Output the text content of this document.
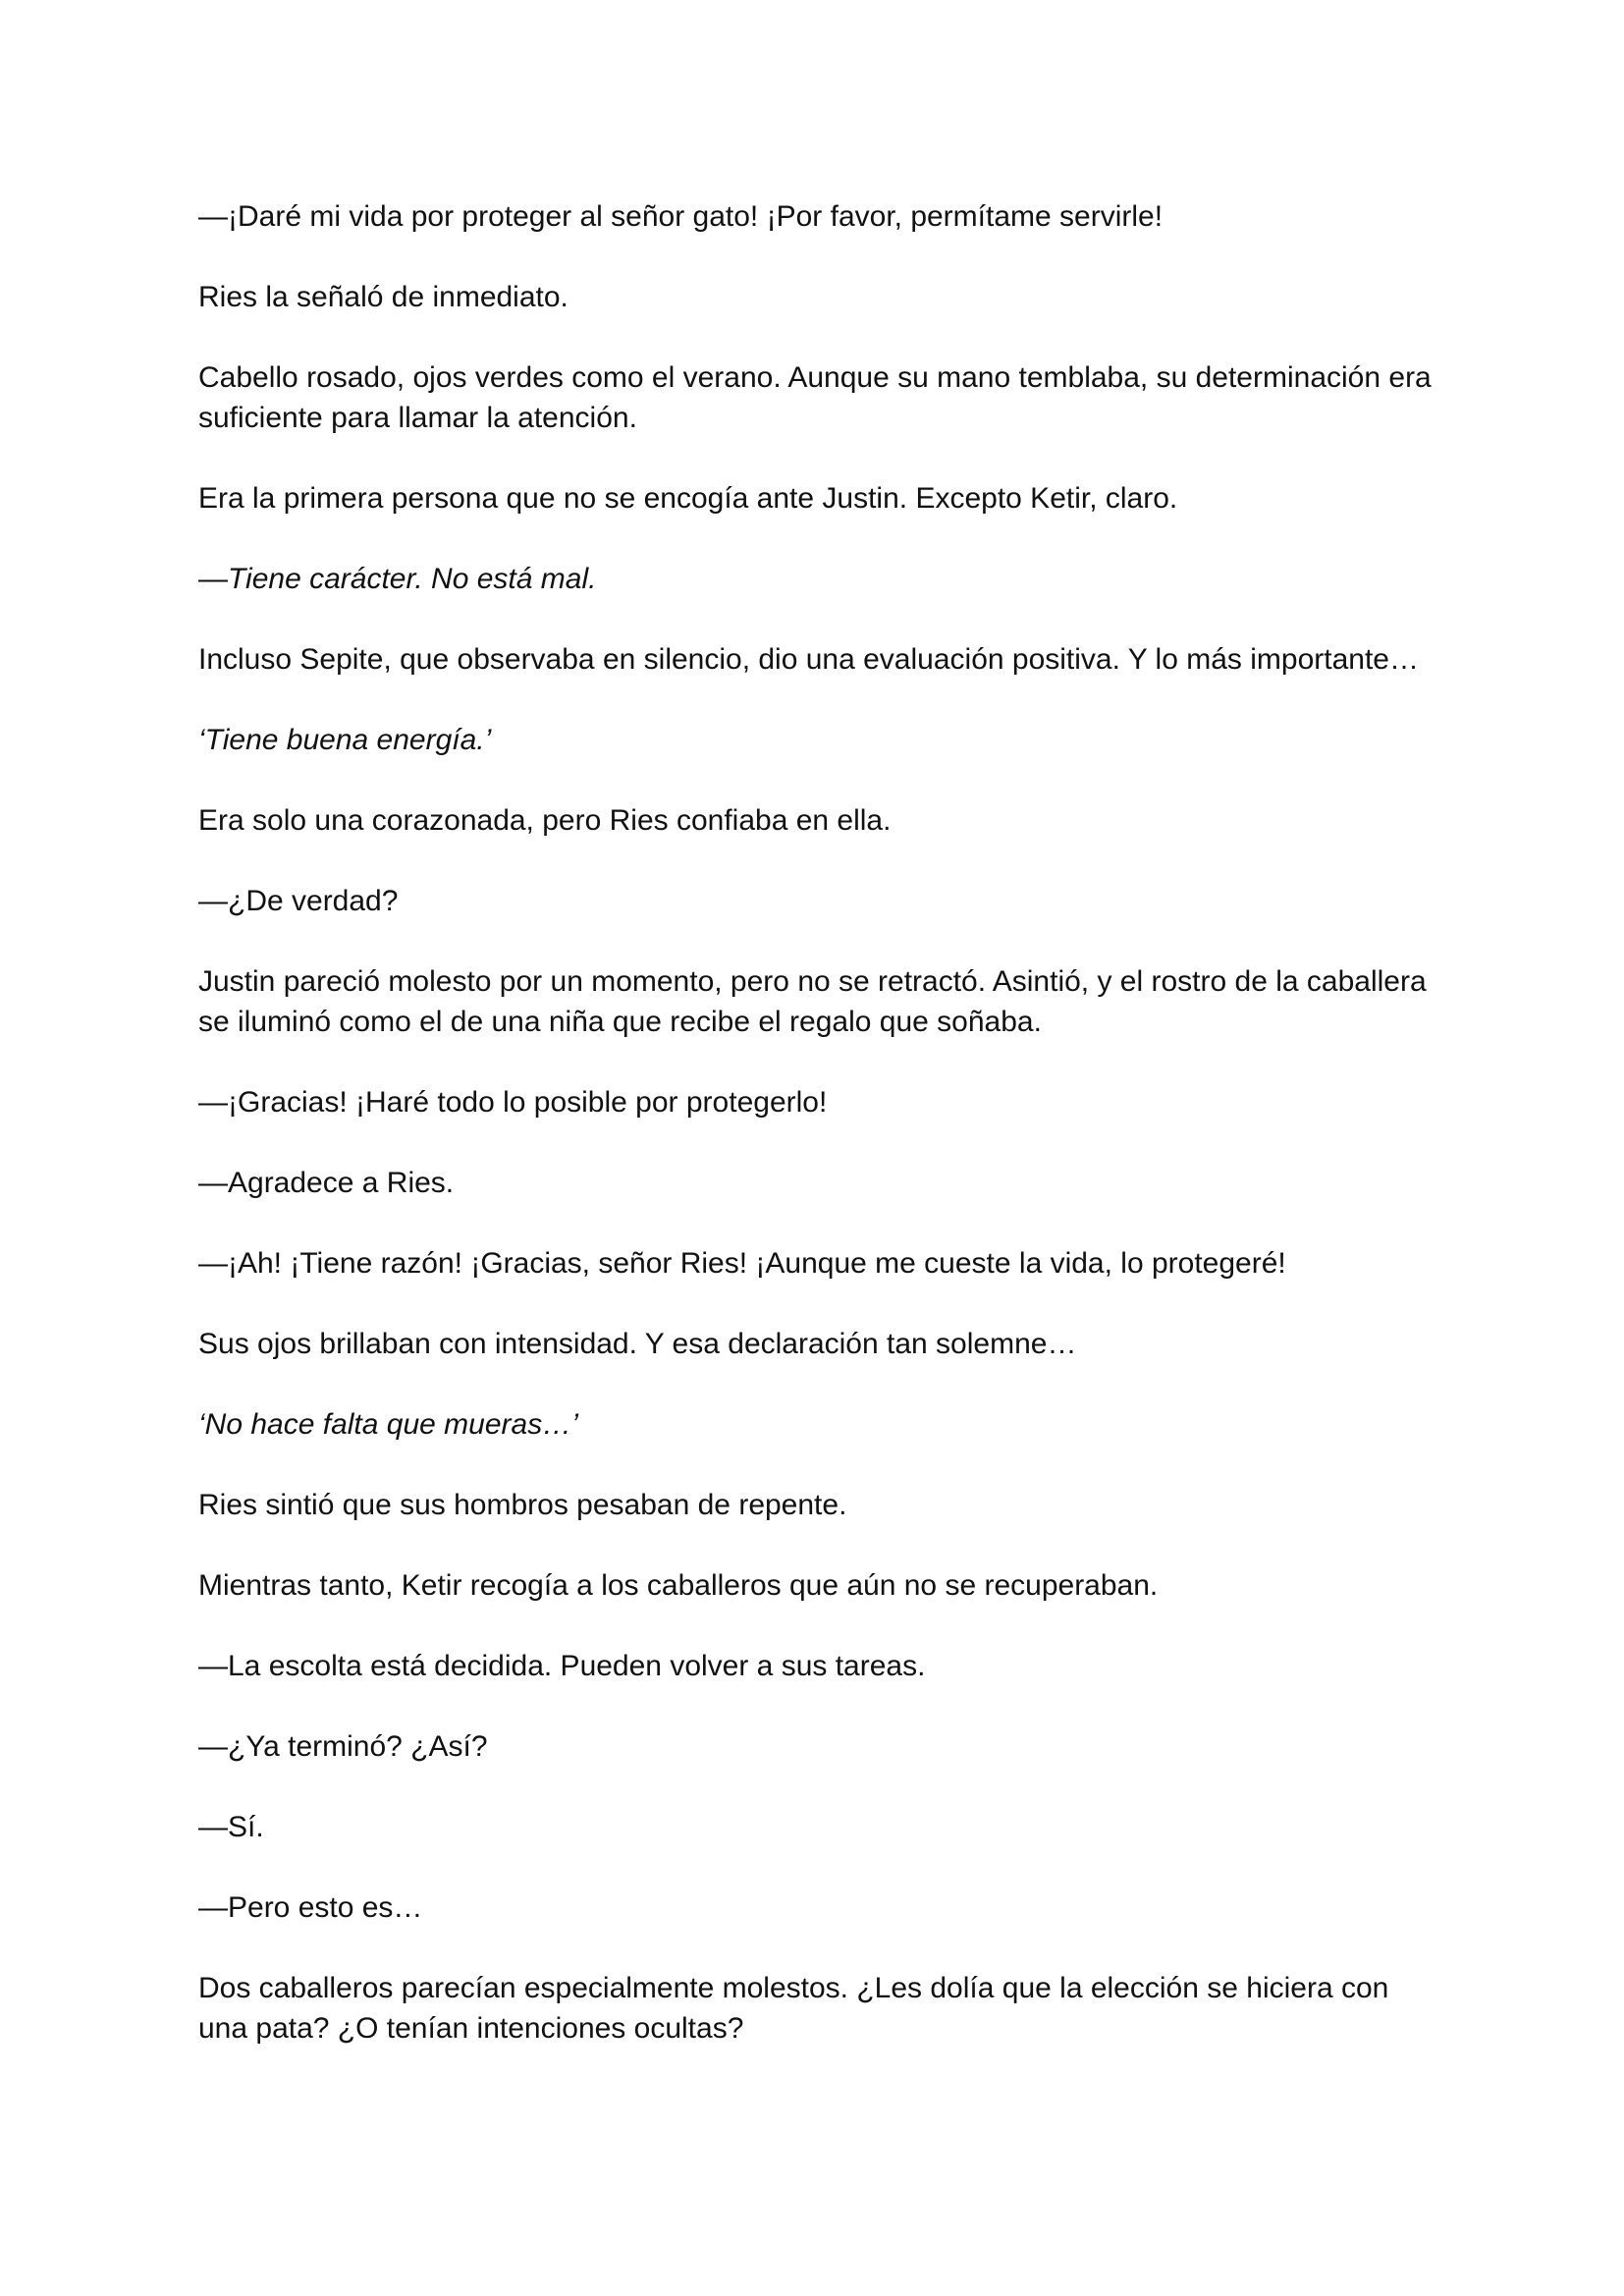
—¡Daré mi vida por proteger al señor gato! ¡Por favor, permítame servirle!

Ries la señaló de inmediato.

Cabello rosado, ojos verdes como el verano. Aunque su mano temblaba, su determinación era suficiente para llamar la atención.

Era la primera persona que no se encogía ante Justin. Excepto Ketir, claro.

—Tiene carácter. No está mal.

Incluso Sepite, que observaba en silencio, dio una evaluación positiva. Y lo más importante…

‘Tiene buena energía.’

Era solo una corazonada, pero Ries confiaba en ella.

—¿De verdad?

Justin pareció molesto por un momento, pero no se retractó. Asintió, y el rostro de la caballera se iluminó como el de una niña que recibe el regalo que soñaba.

—¡Gracias! ¡Haré todo lo posible por protegerlo!

—Agradece a Ries.

—¡Ah! ¡Tiene razón! ¡Gracias, señor Ries! ¡Aunque me cueste la vida, lo protegeré!

Sus ojos brillaban con intensidad. Y esa declaración tan solemne…

‘No hace falta que mueras…’

Ries sintió que sus hombros pesaban de repente.

Mientras tanto, Ketir recogía a los caballeros que aún no se recuperaban.

—La escolta está decidida. Pueden volver a sus tareas.

—¿Ya terminó? ¿Así?

—Sí.

—Pero esto es…

Dos caballeros parecían especialmente molestos. ¿Les dolía que la elección se hiciera con una pata? ¿O tenían intenciones ocultas?
